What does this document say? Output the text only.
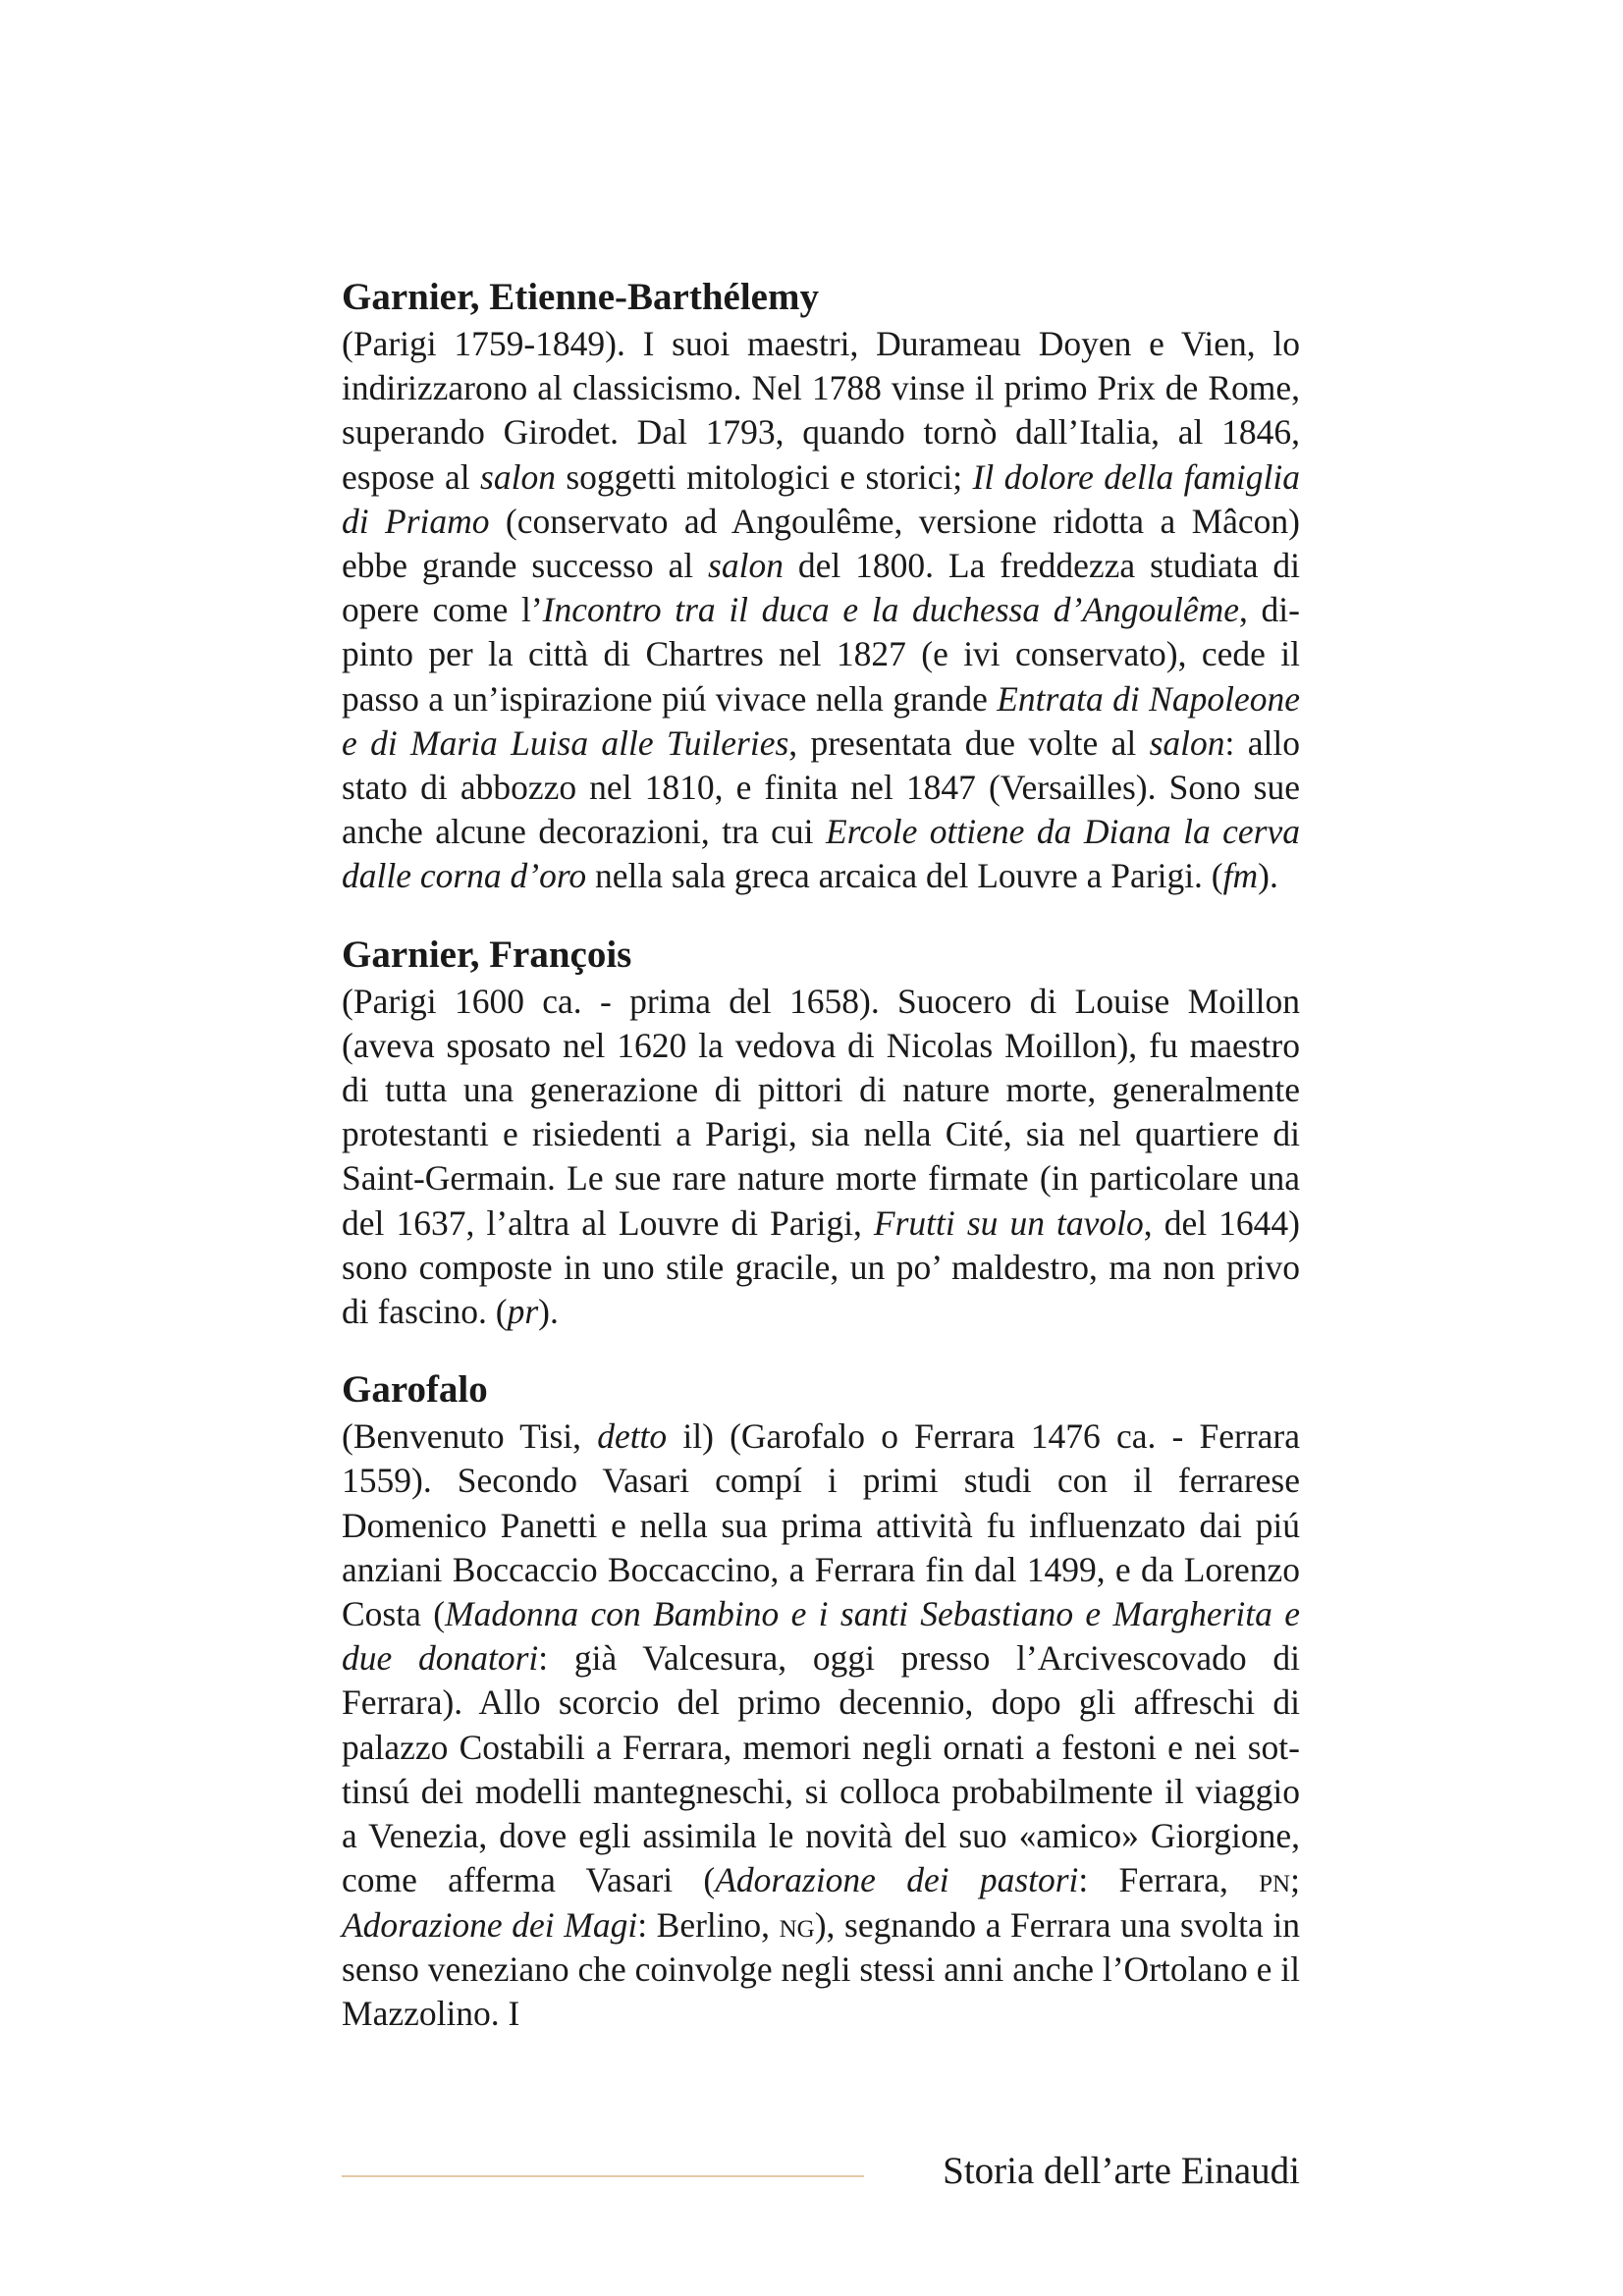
Garnier, Etienne-Barthélemy

(Parigi 1759-1849). I suoi maestri, Durameau Doyen e Vien, lo indirizzarono al classicismo. Nel 1788 vinse il primo Prix de Rome, superando Girodet. Dal 1793, quando tornò dall’Italia, al 1846, espose al salon soggetti mitologici e storici; Il dolore della famiglia di Priamo (conservato ad Angoulême, versione ridotta a Mâcon) ebbe grande successo al salon del 1800. La freddezza studiata di opere come l’Incontro tra il duca e la duchessa d’Angoulême, dipinto per la città di Chartres nel 1827 (e ivi conservato), cede il passo a un’ispirazione piú vivace nella grande Entrata di Napoleone e di Maria Luisa alle Tuileries, presentata due volte al salon: allo stato di abbozzo nel 1810, e finita nel 1847 (Versailles). Sono sue anche alcune decorazioni, tra cui Ercole ottiene da Diana la cerva dalle corna d’oro nella sala greca arcaica del Louvre a Parigi. (fm).

Garnier, François

(Parigi 1600 ca. - prima del 1658). Suocero di Louise Moillon (aveva sposato nel 1620 la vedova di Nicolas Moillon), fu maestro di tutta una generazione di pittori di nature morte, generalmente protestanti e risiedenti a Parigi, sia nella Cité, sia nel quartiere di Saint-Germain. Le sue rare nature morte firmate (in particolare una del 1637, l’altra al Louvre di Parigi, Frutti su un tavolo, del 1644) sono composte in uno stile gracile, un po’ maldestro, ma non privo di fascino. (pr).

Garofalo

(Benvenuto Tisi, detto il) (Garofalo o Ferrara 1476 ca. - Ferrara 1559). Secondo Vasari compí i primi studi con il ferrarese Domenico Panetti e nella sua prima attività fu influenzato dai piú anziani Boccaccio Boccaccino, a Ferrara fin dal 1499, e da Lorenzo Costa (Madonna con Bambino e i santi Sebastiano e Margherita e due donatori: già Valcesura, oggi presso l’Arcivescovado di Ferrara). Allo scorcio del primo decennio, dopo gli affreschi di palazzo Costabili a Ferrara, memori negli ornati a festoni e nei sottinsú dei modelli mantegneschi, si colloca probabilmente il viaggio a Venezia, dove egli assimila le novità del suo «amico» Giorgione, come afferma Vasari (Adorazione dei pastori: Ferrara, pn; Adorazione dei Magi: Berlino, ng), segnando a Ferrara una svolta in senso veneziano che coinvolge negli stessi anni anche l’Ortolano e il Mazzolino. I

Storia dell’arte Einaudi
